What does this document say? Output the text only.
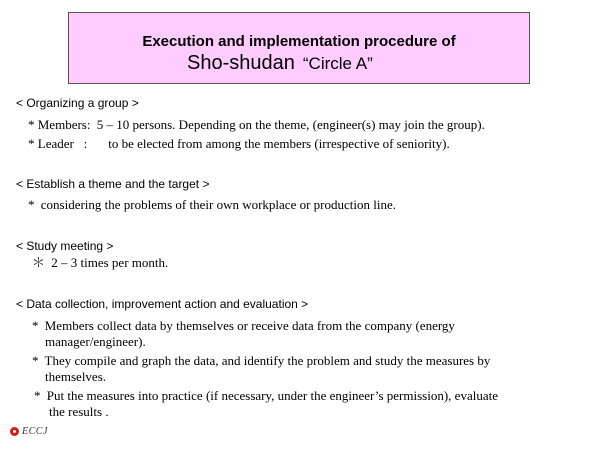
Execution and implementation procedure of
Sho-shudan “Circle A”
< Organizing a group >
* Members: 5 – 10 persons. Depending on the theme, (engineer(s) may join the group).
* Leader   : to be elected from among the members (irrespective of seniority).
< Establish a theme and the target >
* considering the problems of their own workplace or production line.
< Study meeting >
＊ 2 – 3 times per month.
< Data collection, improvement action and evaluation >
* Members collect data by themselves or receive data from the company (energy
manager/engineer).
* They compile and graph the data, and identify the problem and study the measures by
themselves.
* Put the measures into practice (if necessary, under the engineer’s permission), evaluate
the results .
ECCJ
